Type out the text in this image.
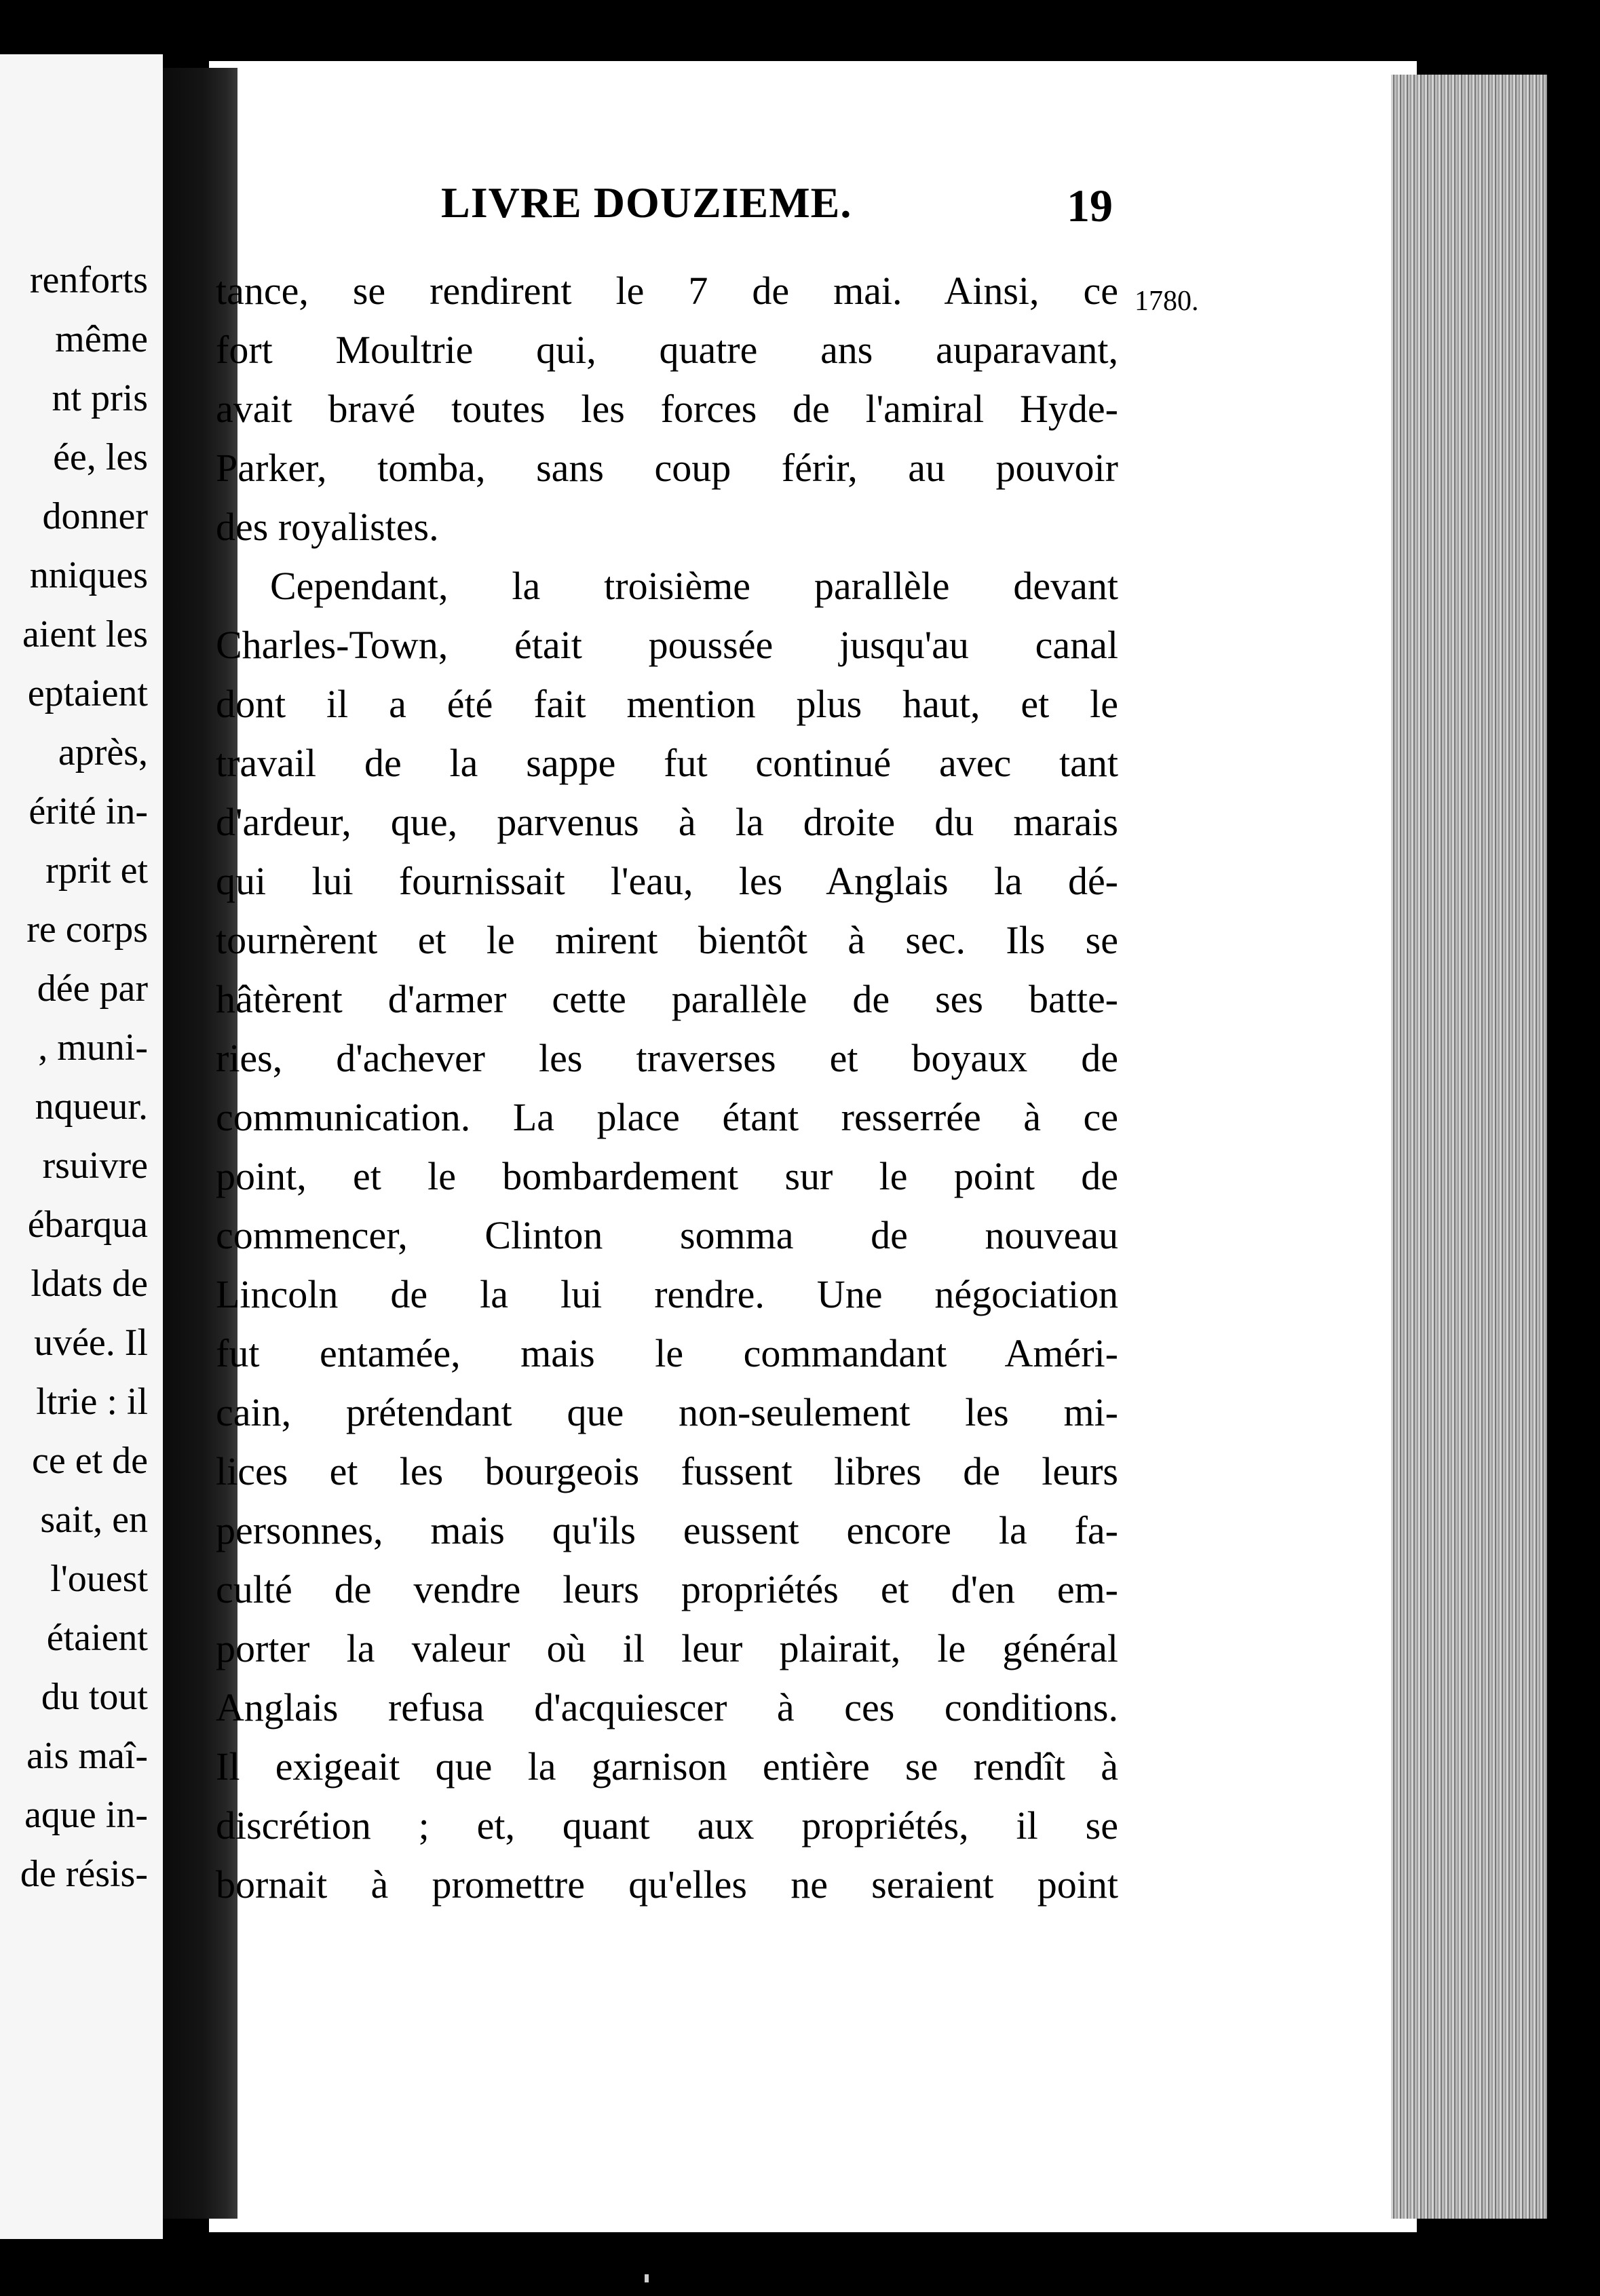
renforts
même
nt pris
ée, les
donner
nniques
aient les
eptaient
après,
érité in-
rprit et
re corps
dée par
, muni-
nqueur.
rsuivre
ébarqua
ldats de
uvée. Il
ltrie : il
ce et de
sait, en
l'ouest
étaient
du tout
ais maî-
aque in-
de résis-
LIVRE DOUZIEME.	19
1780.
tance, se rendirent le 7 de mai. Ainsi, ce
fort Moultrie qui, quatre ans auparavant,
avait bravé toutes les forces de l'amiral Hyde-
Parker, tomba, sans coup férir, au pouvoir
des royalistes.
Cependant, la troisième parallèle devant
Charles-Town, était poussée jusqu'au canal
dont il a été fait mention plus haut, et le
travail de la sappe fut continué avec tant
d'ardeur, que, parvenus à la droite du marais
qui lui fournissait l'eau, les Anglais la dé-
tournèrent et le mirent bientôt à sec. Ils se
hâtèrent d'armer cette parallèle de ses batte-
ries, d'achever les traverses et boyaux de
communication. La place étant resserrée à ce
point, et le bombardement sur le point de
commencer, Clinton somma de nouveau
Lincoln de la lui rendre. Une négociation
fut entamée, mais le commandant Améri-
cain, prétendant que non-seulement les mi-
lices et les bourgeois fussent libres de leurs
personnes, mais qu'ils eussent encore la fa-
culté de vendre leurs propriétés et d'en em-
porter la valeur où il leur plairait, le général
Anglais refusa d'acquiescer à ces conditions.
Il exigeait que la garnison entière se rendît à
discrétion ; et, quant aux propriétés, il se
bornait à promettre qu'elles ne seraient point
